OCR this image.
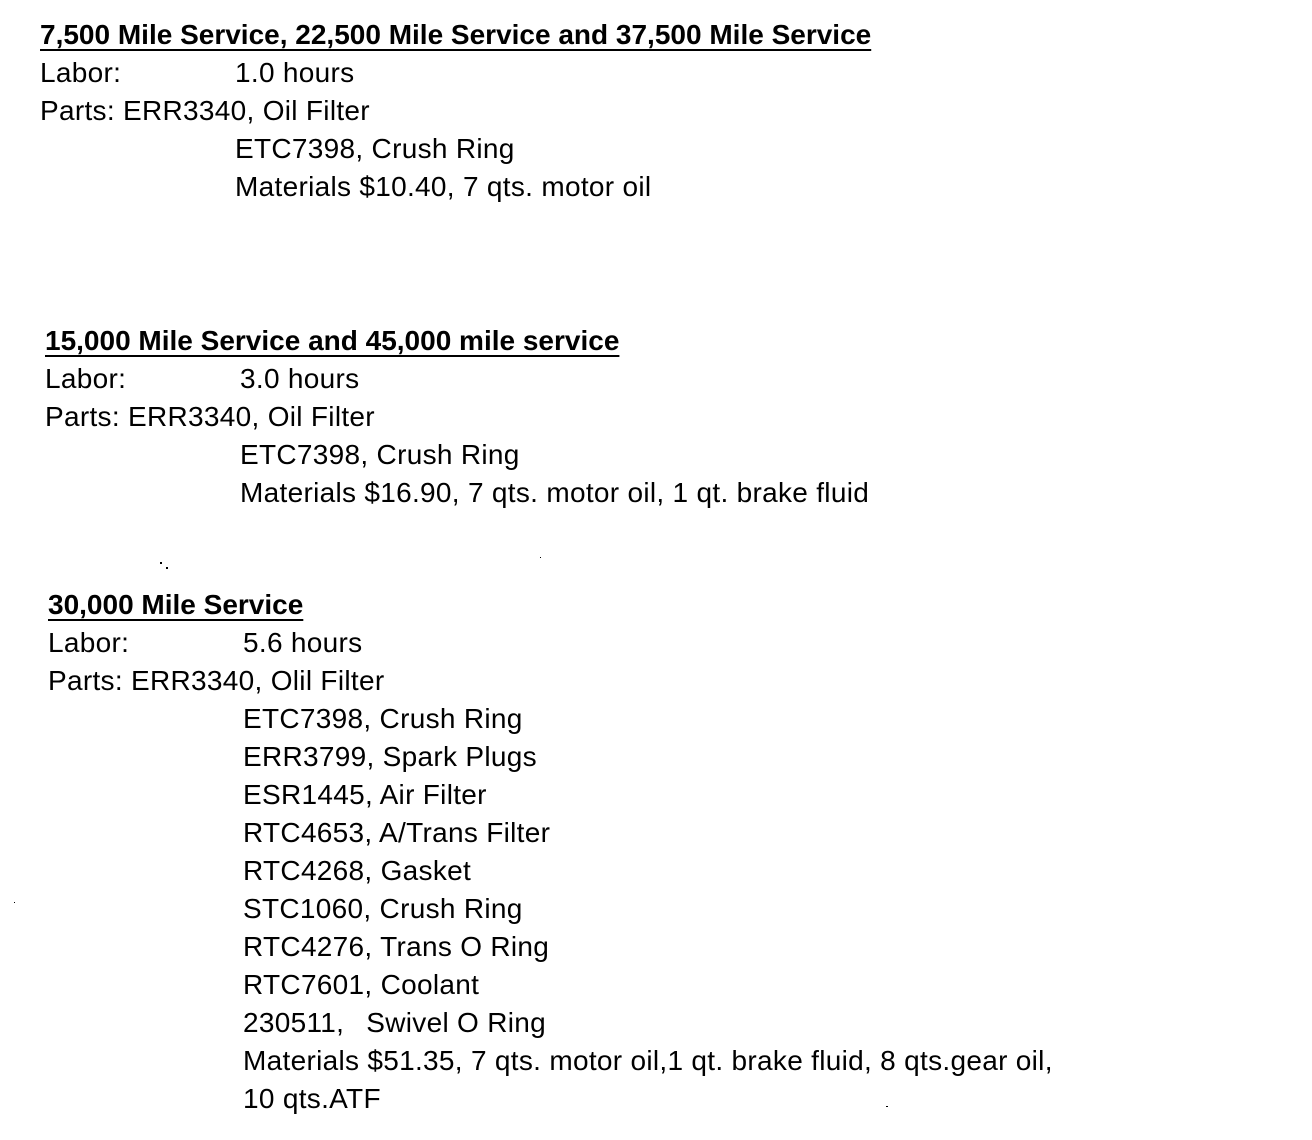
7,500 Mile Service, 22,500 Mile Service and 37,500 Mile Service
Labor:	1.0 hours
Parts: ERR3340, Oil Filter
ETC7398, Crush Ring
Materials $10.40, 7 qts. motor oil
15,000 Mile Service and 45,000 mile service
Labor:	3.0 hours
Parts: ERR3340, Oil Filter
ETC7398, Crush Ring
Materials $16.90, 7 qts. motor oil, 1 qt. brake fluid
30,000 Mile Service
Labor:	5.6 hours
Parts: ERR3340, Olil Filter
ETC7398, Crush Ring
ERR3799, Spark Plugs
ESR1445, Air Filter
RTC4653, A/Trans Filter
RTC4268, Gasket
STC1060, Crush Ring
RTC4276, Trans O Ring
RTC7601, Coolant
230511, Swivel O Ring
Materials $51.35, 7 qts. motor oil,1 qt. brake fluid, 8 qts.gear oil,
10 qts.ATF
